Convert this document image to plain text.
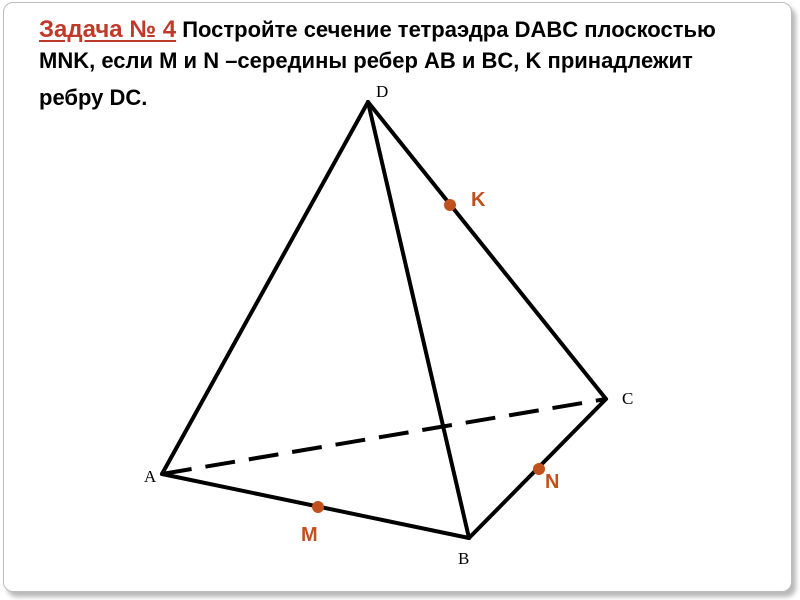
Задача № 4 Постройте сечение тетраэдра DABC плоскостью
MNK, если M и N –середины ребер AB и BC, K принадлежит
ребру DC.	D
A
B
C
K
M
N
